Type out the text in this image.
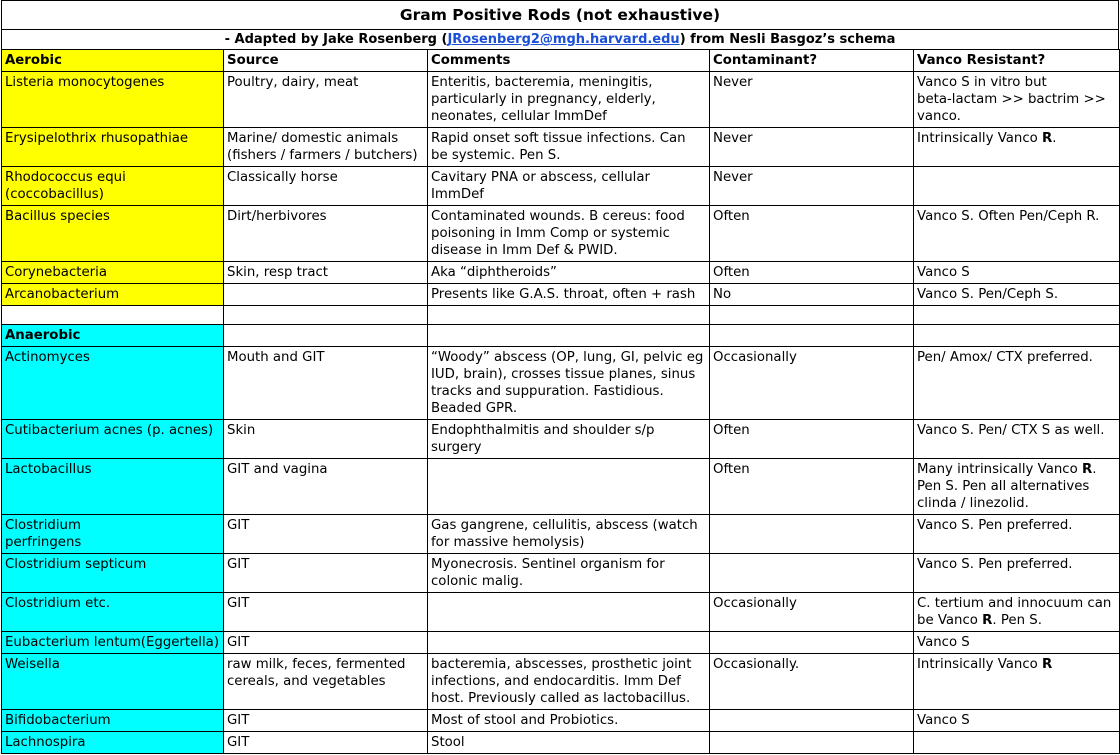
Gram Positive Rods (not exhaustive)
- Adapted by Jake Rosenberg (JRosenberg2@mgh.harvard.edu) from Nesli Basgoz’s schema
Aerobic	Source	Comments	Contaminant?	Vanco Resistant?
Listeria monocytogenes	Poultry, dairy, meat	Enteritis, bacteremia, meningitis, particularly in pregnancy, elderly, neonates, cellular ImmDef	Never	Vanco S in vitro but
beta-lactam >> bactrim >> vanco.
Erysipelothrix rhusopathiae	Marine/ domestic animals
(fishers / farmers / butchers)	Rapid onset soft tissue infections. Can be systemic. Pen S.	Never	Intrinsically Vanco R.
Rhodococcus equi
(coccobacillus)	Classically horse	Cavitary PNA or abscess, cellular ImmDef	Never	
Bacillus species	Dirt/herbivores	Contaminated wounds. B cereus: food poisoning in Imm Comp or systemic disease in Imm Def & PWID.	Often	Vanco S. Often Pen/Ceph R.
Corynebacteria	Skin, resp tract	Aka “diphtheroids”	Often	Vanco S
Arcanobacterium		Presents like G.A.S. throat, often + rash	No	Vanco S. Pen/Ceph S.

Anaerobic				
Actinomyces	Mouth and GIT	“Woody” abscess (OP, lung, GI, pelvic eg IUD, brain), crosses tissue planes, sinus tracks and suppuration. Fastidious. Beaded GPR.	Occasionally	Pen/ Amox/ CTX preferred.
Cutibacterium acnes (p. acnes)	Skin	Endophthalmitis and shoulder s/p surgery	Often	Vanco S. Pen/ CTX S as well.
Lactobacillus	GIT and vagina		Often	Many intrinsically Vanco R.
Pen S. Pen all alternatives clinda / linezolid.
Clostridium
perfringens	GIT	Gas gangrene, cellulitis, abscess (watch for massive hemolysis)		Vanco S. Pen preferred.
Clostridium septicum	GIT	Myonecrosis. Sentinel organism for colonic malig.		Vanco S. Pen preferred.
Clostridium etc.	GIT		Occasionally	C. tertium and innocuum can be Vanco R. Pen S.
Eubacterium lentum(Eggertella)	GIT			Vanco S
Weisella	raw milk, feces, fermented cereals, and vegetables	bacteremia, abscesses, prosthetic joint infections, and endocarditis. Imm Def host. Previously called as lactobacillus.	Occasionally.	Intrinsically Vanco R
Bifidobacterium	GIT	Most of stool and Probiotics.		Vanco S
Lachnospira	GIT	Stool		
